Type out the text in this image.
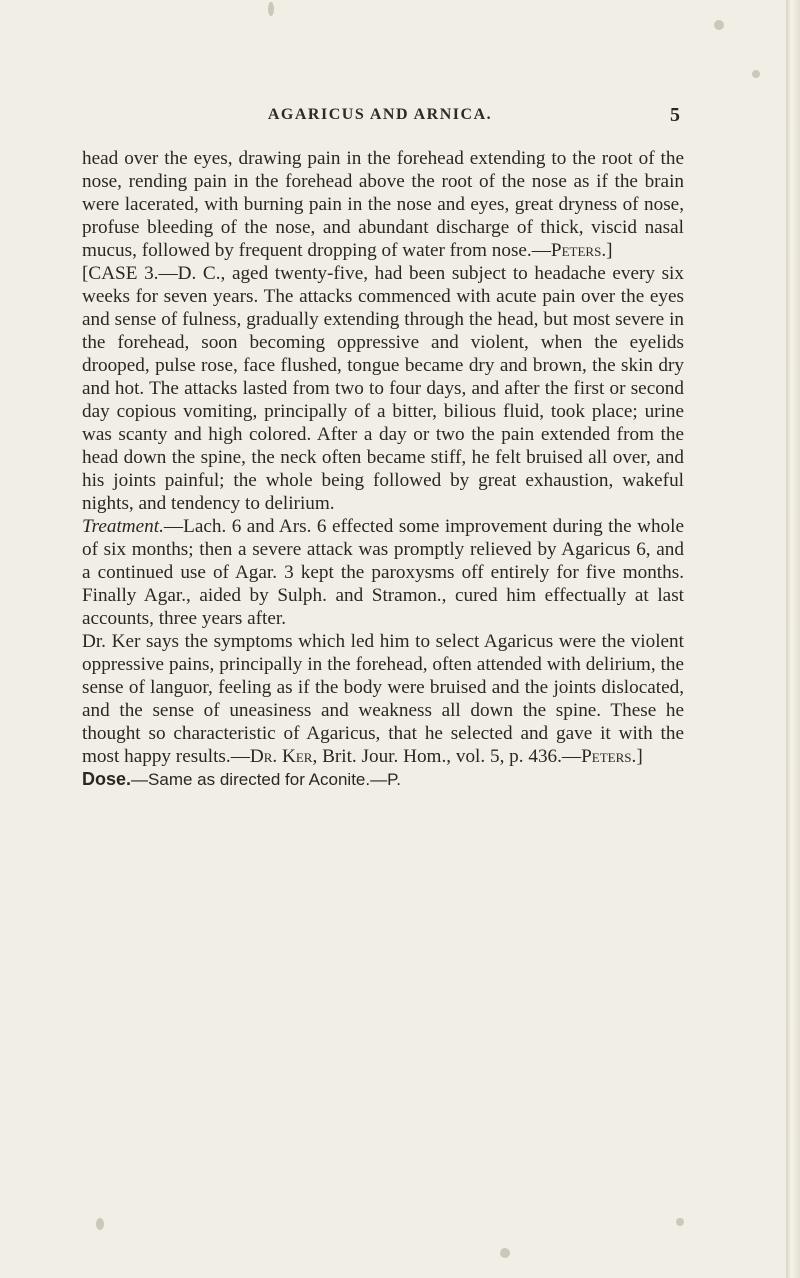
AGARICUS AND ARNICA.	5

head over the eyes, drawing pain in the forehead extending to the root of the nose, rending pain in the forehead above the root of the nose as if the brain were lacerated, with burning pain in the nose and eyes, great dryness of nose, profuse bleeding of the nose, and abundant discharge of thick, viscid nasal mucus, followed by frequent dropping of water from nose.—Peters.]

[CASE 3.—D. C., aged twenty-five, had been subject to headache every six weeks for seven years. The attacks commenced with acute pain over the eyes and sense of fulness, gradually extending through the head, but most severe in the forehead, soon becoming oppressive and violent, when the eyelids drooped, pulse rose, face flushed, tongue became dry and brown, the skin dry and hot. The attacks lasted from two to four days, and after the first or second day copious vomiting, principally of a bitter, bilious fluid, took place; urine was scanty and high colored. After a day or two the pain extended from the head down the spine, the neck often became stiff, he felt bruised all over, and his joints painful; the whole being followed by great exhaustion, wakeful nights, and tendency to delirium.

Treatment.—Lach. 6 and Ars. 6 effected some improvement during the whole of six months; then a severe attack was promptly relieved by Agaricus 6, and a continued use of Agar. 3 kept the paroxysms off entirely for five months. Finally Agar., aided by Sulph. and Stramon., cured him effectually at last accounts, three years after.

Dr. Ker says the symptoms which led him to select Agaricus were the violent oppressive pains, principally in the forehead, often attended with delirium, the sense of languor, feeling as if the body were bruised and the joints dislocated, and the sense of uneasiness and weakness all down the spine. These he thought so characteristic of Agaricus, that he selected and gave it with the most happy results.—Dr. Ker, Brit. Jour. Hom., vol. 5, p. 436.—Peters.]

Dose.—Same as directed for Aconite.—P.
